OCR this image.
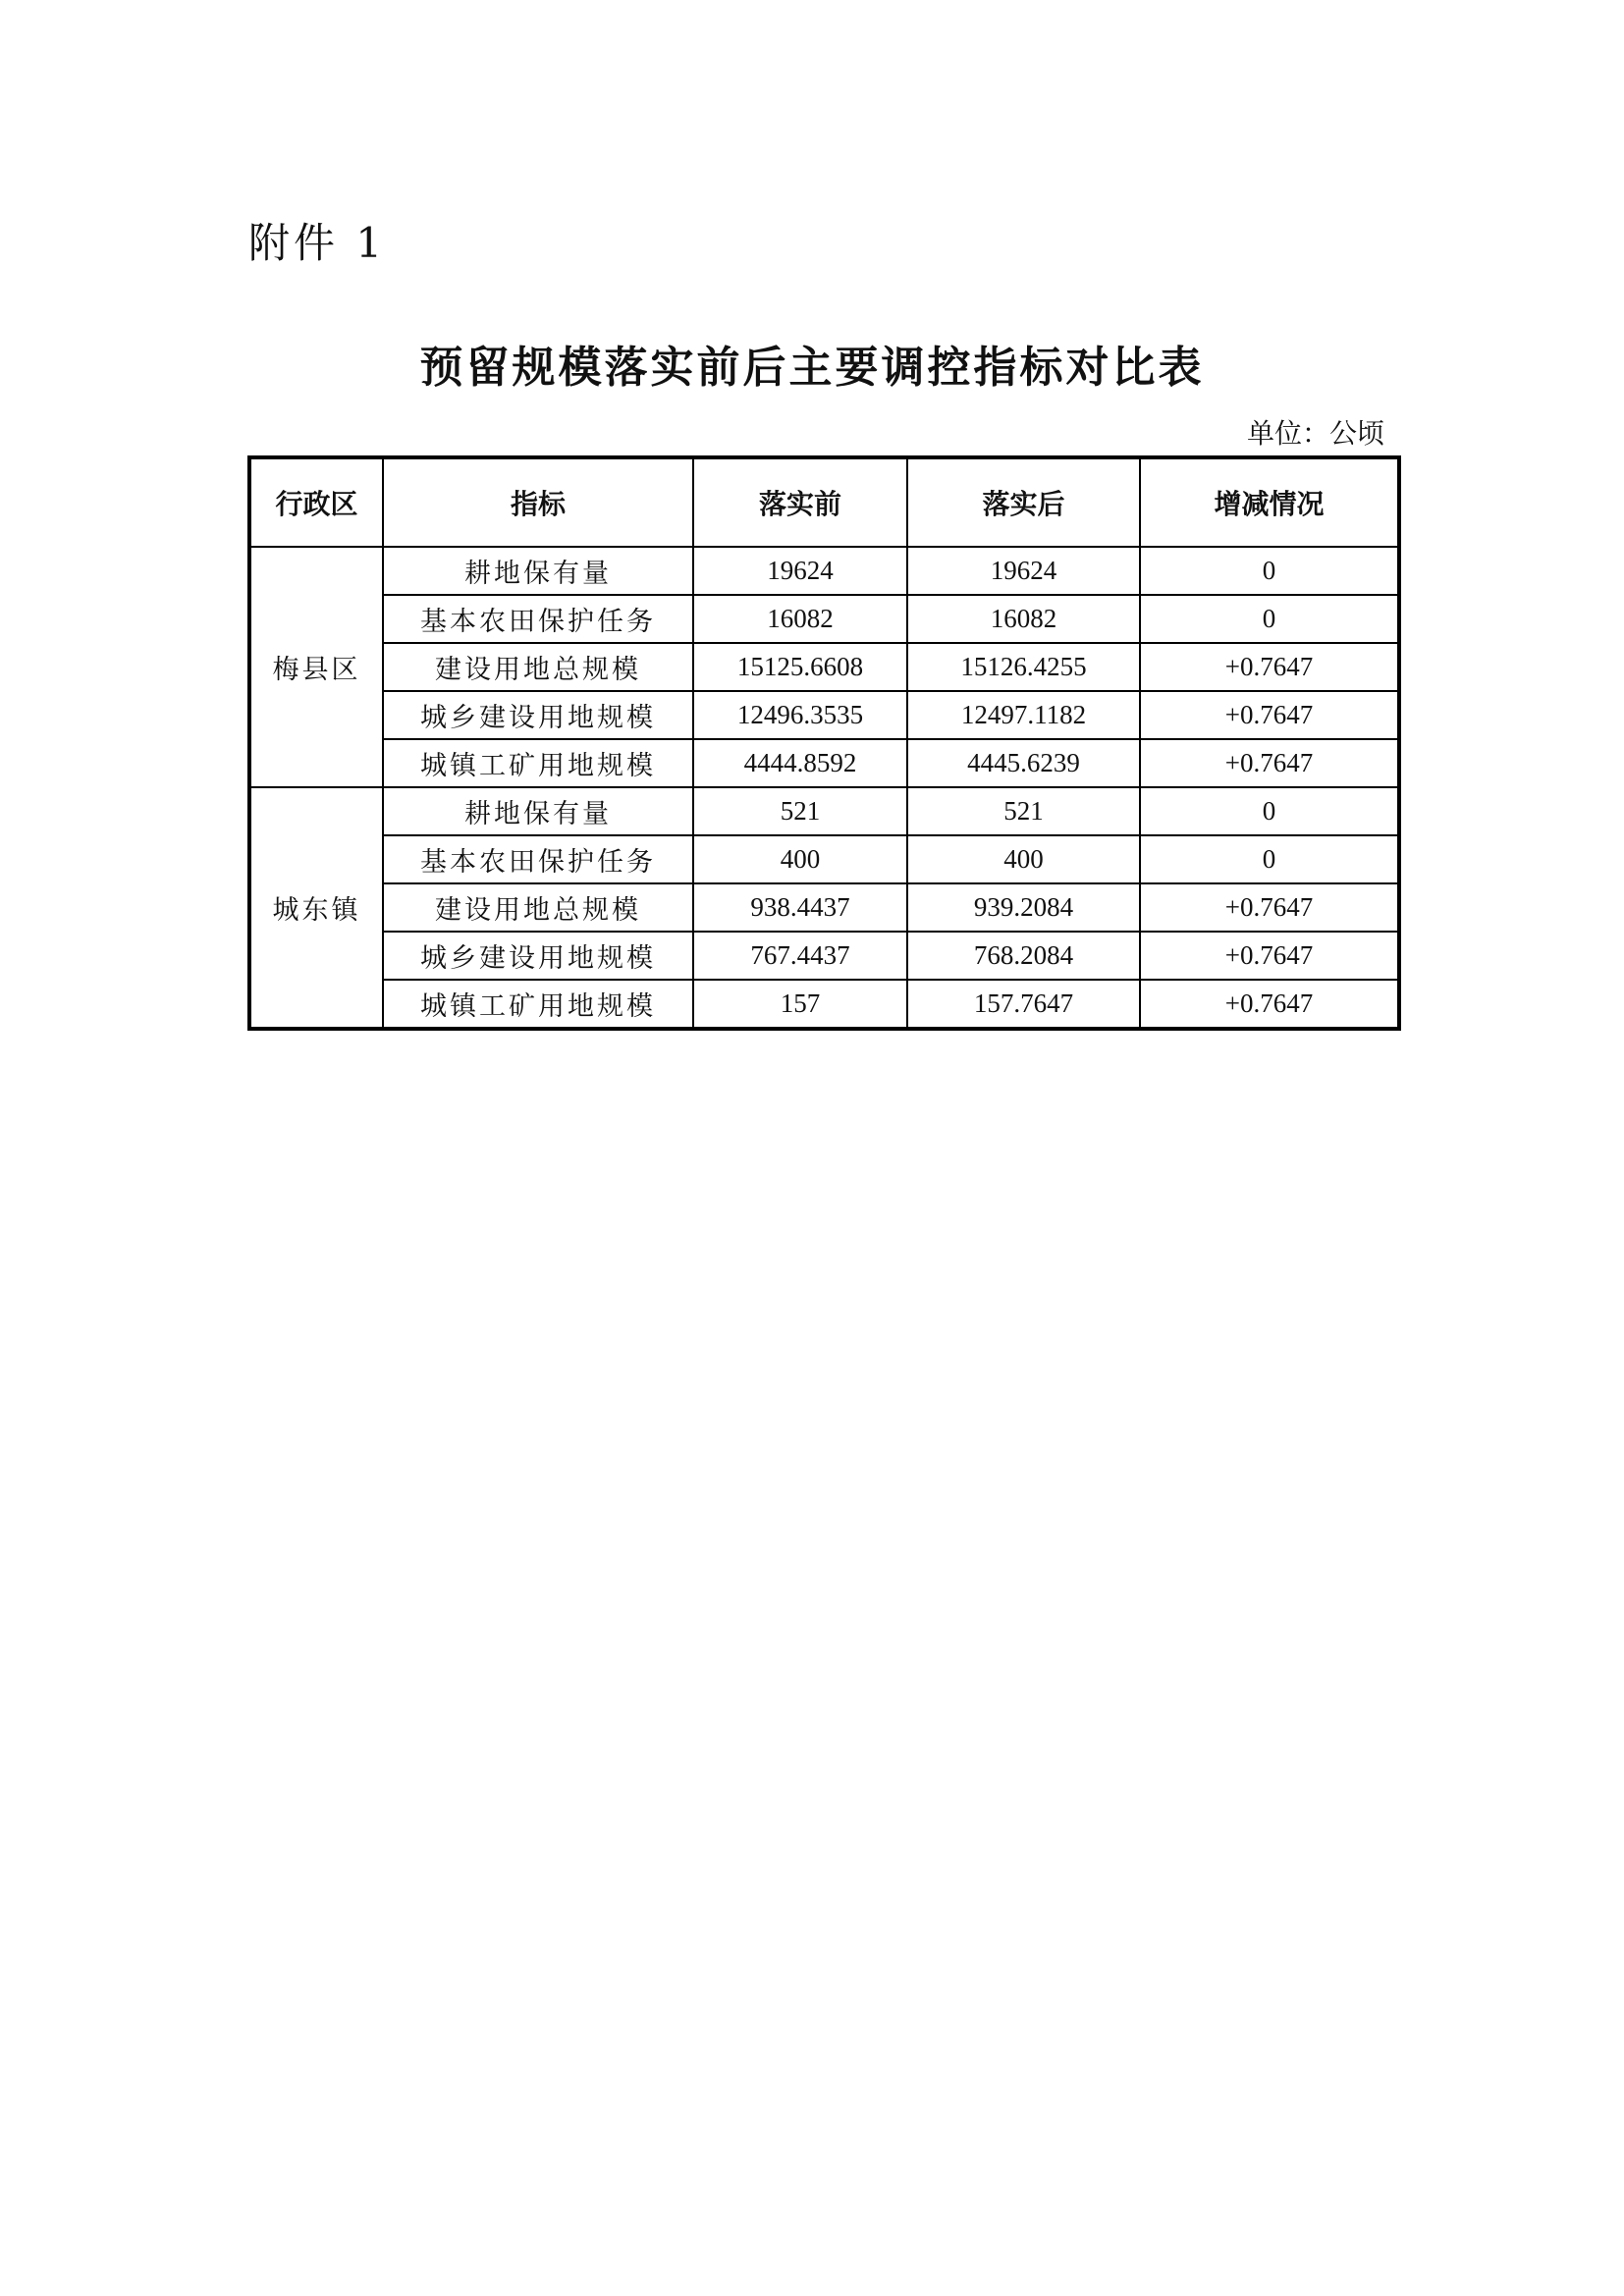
附件 1
预留规模落实前后主要调控指标对比表
单位：公顷
行政区	指标	落实前	落实后	增减情况
梅县区	耕地保有量	19624	19624	0
	基本农田保护任务	16082	16082	0
	建设用地总规模	15125.6608	15126.4255	+0.7647
	城乡建设用地规模	12496.3535	12497.1182	+0.7647
	城镇工矿用地规模	4444.8592	4445.6239	+0.7647
城东镇	耕地保有量	521	521	0
	基本农田保护任务	400	400	0
	建设用地总规模	938.4437	939.2084	+0.7647
	城乡建设用地规模	767.4437	768.2084	+0.7647
	城镇工矿用地规模	157	157.7647	+0.7647
